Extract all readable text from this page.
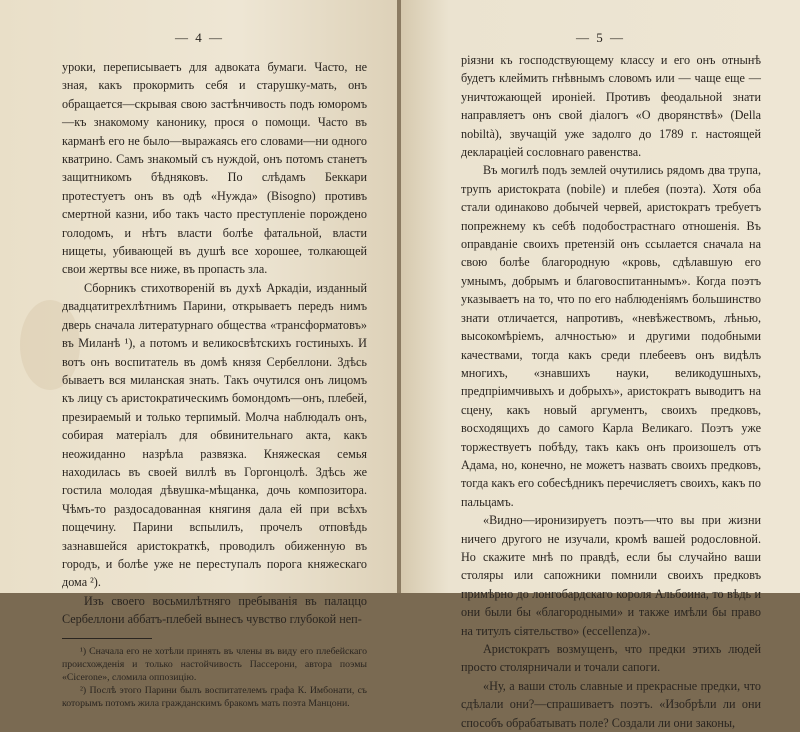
— 4 —

уроки, переписываетъ для адвоката бумаги. Часто, не зная, какъ прокормить себя и старушку-мать, онъ обращается—скрывая свою застѣнчивость подъ юморомъ—къ знакомому канонику, прося о помощи. Часто въ карманѣ его не было—выражаясь его словами—ни одного кватрино. Самъ знакомый съ нуждой, онъ потомъ станетъ защитникомъ бѣдняковъ. По слѣдамъ Беккари протестуетъ онъ въ одѣ «Нужда» (Bisogno) противъ смертной казни, ибо такъ часто преступленіе порождено голодомъ, и нѣтъ власти болѣе фатальной, власти нищеты, убивающей въ душѣ все хорошее, толкающей свои жертвы все ниже, въ пропасть зла.

Сборникъ стихотвореній въ духѣ Аркадіи, изданный двадцатитрехлѣтнимъ Парини, открываетъ передъ нимъ дверь сначала литературнаго общества «трансформатовъ» въ Миланѣ ¹), а потомъ и великосвѣтскихъ гостиныхъ. И вотъ онъ воспитатель въ домѣ князя Сербеллони. Здѣсь бываетъ вся миланская знать. Такъ очутился онъ лицомъ къ лицу съ аристократическимъ бомондомъ—онъ, плебей, презираемый и только терпимый. Молча наблюдалъ онъ, собирая матеріалъ для обвинительнаго акта, какъ неожиданно назрѣла развязка. Княжеская семья находилась въ своей виллѣ въ Горгонцолѣ. Здѣсь же гостила молодая дѣвушка-мѣщанка, дочь композитора. Чѣмъ-то раздосадованная княгиня дала ей при всѣхъ пощечину. Парини вспылилъ, прочелъ отповѣдь зазнавшейся аристократкѣ, проводилъ обиженную въ городъ, и болѣе уже не переступалъ порога княжескаго дома ²).

Изъ своего восьмилѣтняго пребыванія въ палаццо Сербеллони аббатъ-плебей вынесъ чувство глубокой неп-

¹) Сначала его не хотѣли принять въ члены въ виду его плебейскаго происхожденія и только настойчивость Пассерони, автора поэмы «Cicerone», сломила оппозицію.

²) Послѣ этого Парини былъ воспитателемъ графа К. Имбонати, съ которымъ потомъ жила гражданскимъ бракомъ мать поэта Манцони.

— 5 —

ріязни къ господствующему классу и его онъ отнынѣ будетъ клеймить гнѣвнымъ словомъ или — чаще еще — уничтожающей ироніей. Противъ феодальной знати направляетъ онъ свой діалогъ «О дворянствѣ» (Della nobiltà), звучащій уже задолго до 1789 г. настоящей декларацiей сословнаго равенства.

Въ могилѣ подъ землей очутились рядомъ два трупа, трупъ аристократа (nobile) и плебея (поэта). Хотя оба стали одинаково добычей червей, аристократъ требуетъ попрежнему къ себѣ подобострастнаго отношенія. Въ оправданіе своихъ претензій онъ ссылается сначала на свою болѣе благородную «кровь, сдѣлавшую его умнымъ, добрымъ и благовоспитаннымъ». Когда поэтъ указываетъ на то, что по его наблюденіямъ большинство знати отличается, напротивъ, «невѣжествомъ, лѣнью, высокомѣріемъ, алчностью» и другими подобными качествами, тогда какъ среди плебеевъ онъ видѣлъ многихъ, «знавшихъ науки, великодушныхъ, предпріимчивыхъ и добрыхъ», аристократъ выводитъ на сцену, какъ новый аргументъ, своихъ предковъ, восходящихъ до самого Карла Великаго. Поэтъ уже торжествуетъ побѣду, такъ какъ онъ произошелъ отъ Адама, но, конечно, не можетъ назвать своихъ предковъ, тогда какъ его собесѣдникъ перечисляетъ своихъ, какъ по пальцамъ.

«Видно—иронизируетъ поэтъ—что вы при жизни ничего другого не изучали, кромѣ вашей родословной. Но скажите мнѣ по правдѣ, если бы случайно ваши столяры или сапожники помнили своихъ предковъ примѣрно до лонгобардскаго короля Альбоина, то вѣдь и они были бы «благородными» и также имѣли бы право на титулъ сіятельство» (eccellenza)».

Аристократъ возмущенъ, что предки этихъ людей просто столярничали и точали сапоги.

«Ну, а ваши столь славные и прекрасные предки, что сдѣлали они?—спрашиваетъ поэтъ. «Изобрѣли ли они способъ обрабатывать поле? Создали ли они законы,
